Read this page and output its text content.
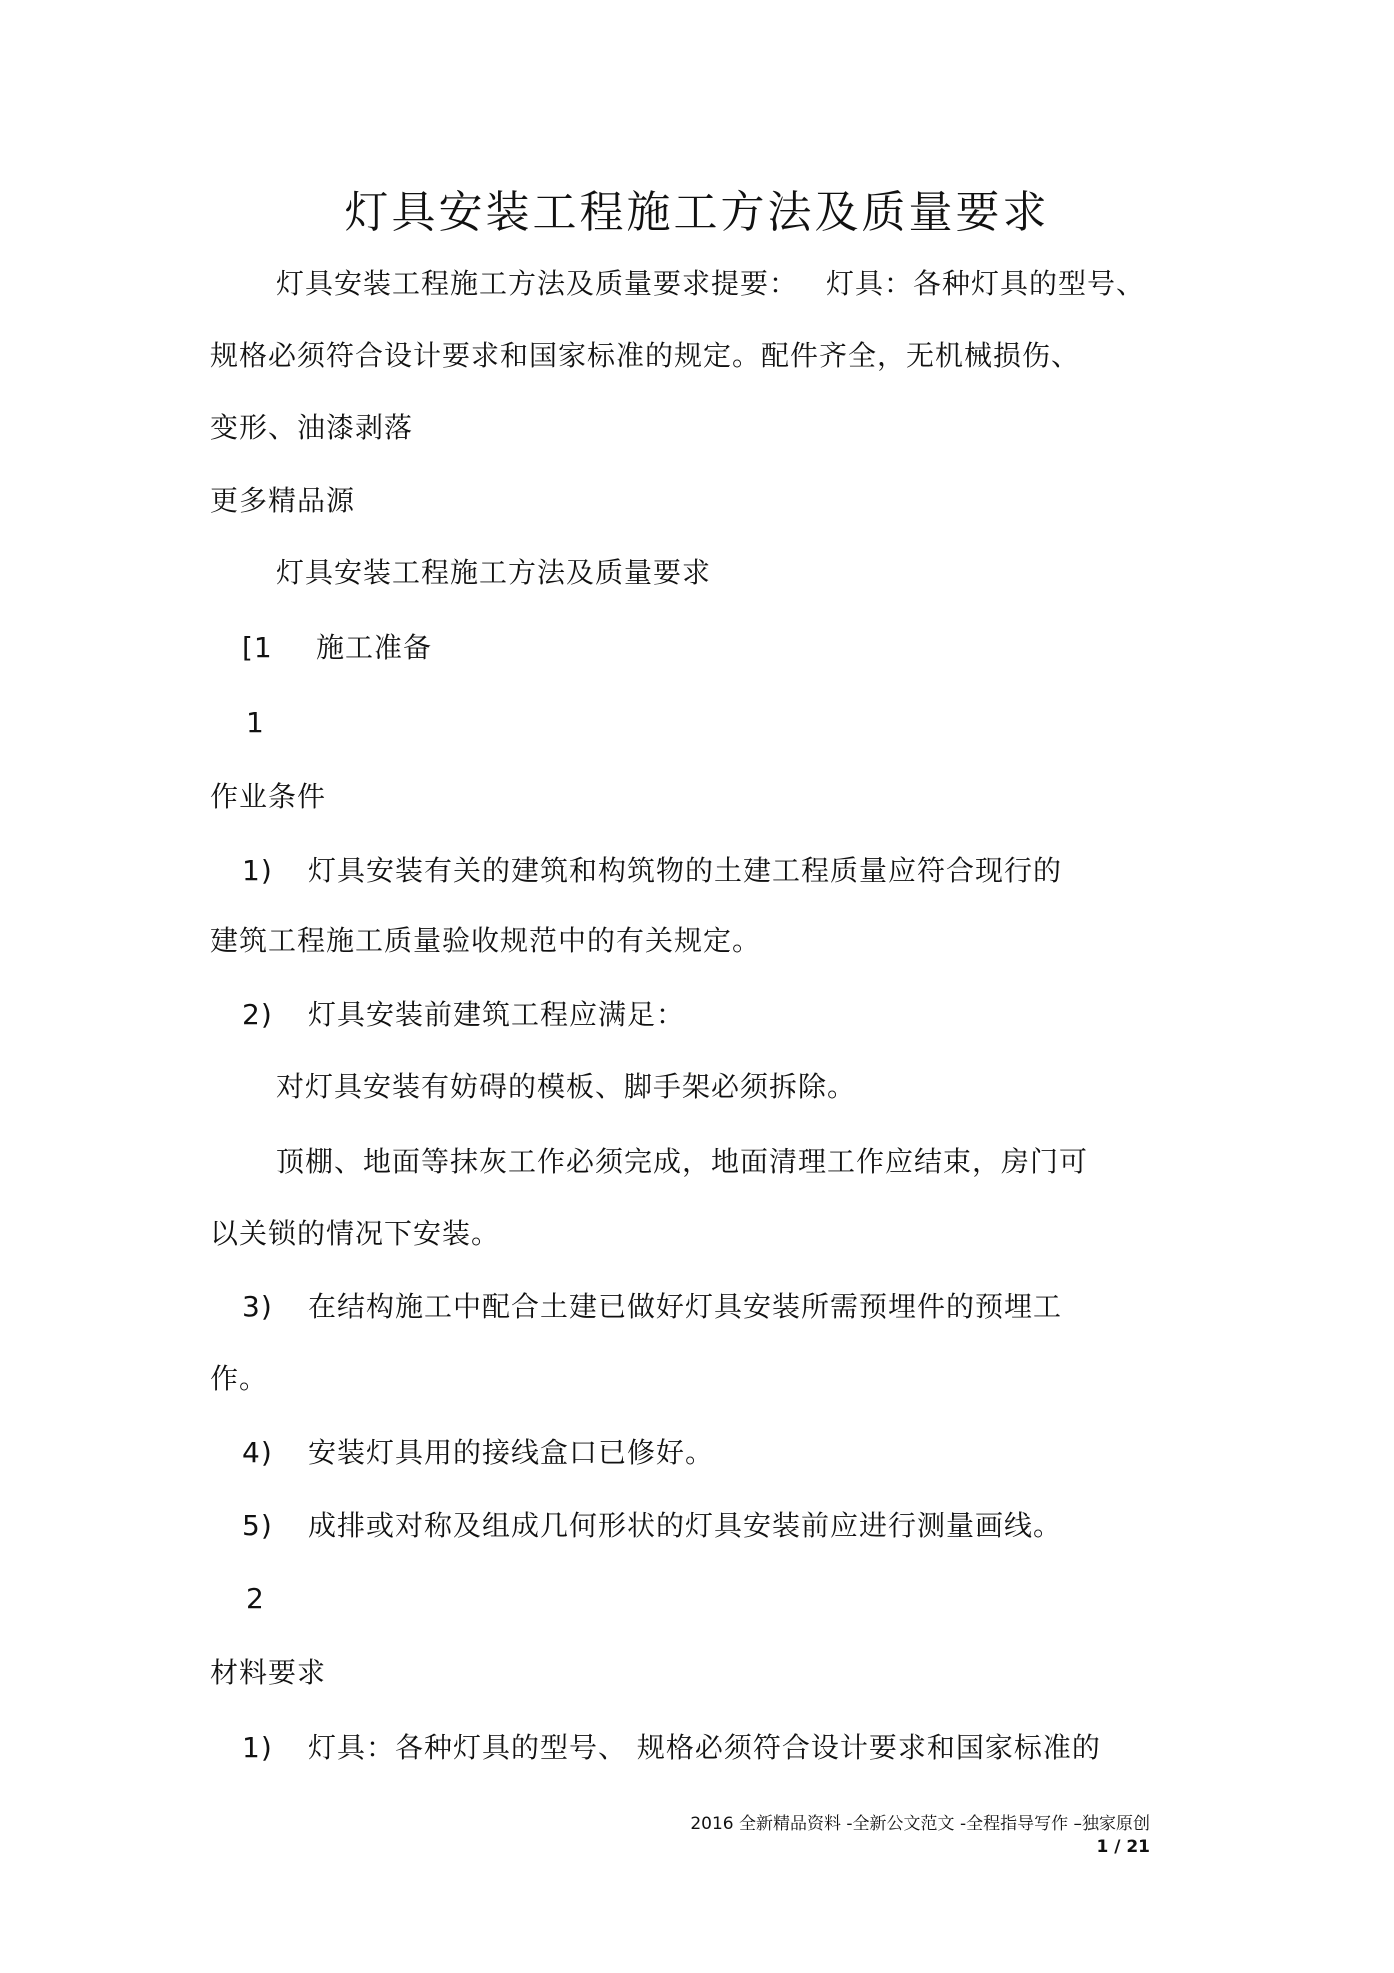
灯具安装工程施工方法及质量要求
灯具安装工程施工方法及质量要求提要： 灯具：各种灯具的型号、
规格必须符合设计要求和国家标准的规定。配件齐全，无机械损伤、
变形、油漆剥落
更多精品源
灯具安装工程施工方法及质量要求
[1 施工准备
1
作业条件
1) 灯具安装有关的建筑和构筑物的土建工程质量应符合现行的
建筑工程施工质量验收规范中的有关规定。
2) 灯具安装前建筑工程应满足：
对灯具安装有妨碍的模板、脚手架必须拆除。
顶棚、地面等抹灰工作必须完成，地面清理工作应结束，房门可
以关锁的情况下安装。
3) 在结构施工中配合土建已做好灯具安装所需预埋件的预埋工
作。
4) 安装灯具用的接线盒口已修好。
5) 成排或对称及组成几何形状的灯具安装前应进行测量画线。
2
材料要求
1) 灯具：各种灯具的型号、 规格必须符合设计要求和国家标准的
2016 全新精品资料 -全新公文范文 -全程指导写作 –独家原创
1 / 21
